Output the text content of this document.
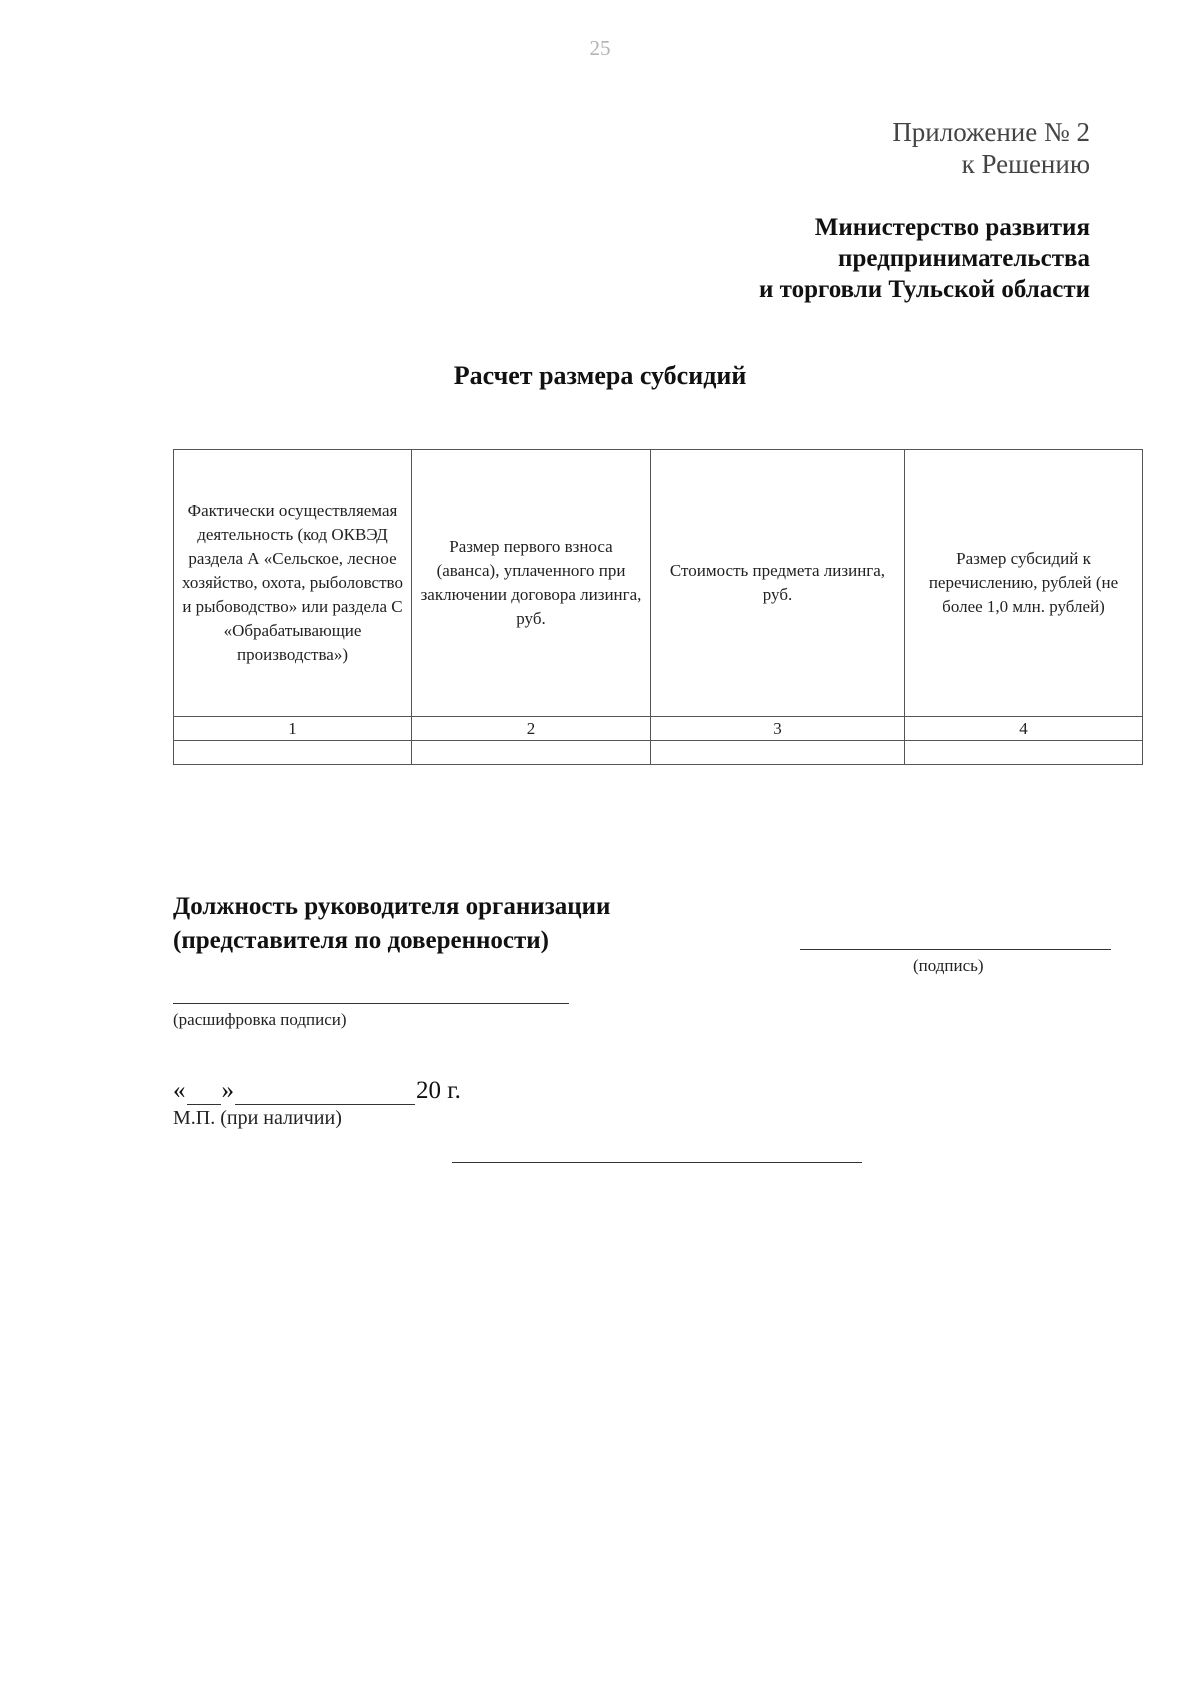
25
Приложение № 2
к Решению
Министерство развития
предпринимательства
и торговли Тульской области
Расчет размера субсидий
Фактически осуществляемая деятельность (код ОКВЭД раздела А «Сельское, лесное хозяйство, охота, рыболовство и рыбоводство» или раздела С «Обрабатывающие производства»)	Размер первого взноса (аванса), уплаченного при заключении договора лизинга, руб.	Стоимость предмета лизинга, руб.	Размер субсидий к перечислению, рублей (не более 1,0 млн. рублей)
1	2	3	4

Должность руководителя организации
(представителя по доверенности)
(подпись)
(расшифровка подписи)
« »	20 г.
М.П. (при наличии)
